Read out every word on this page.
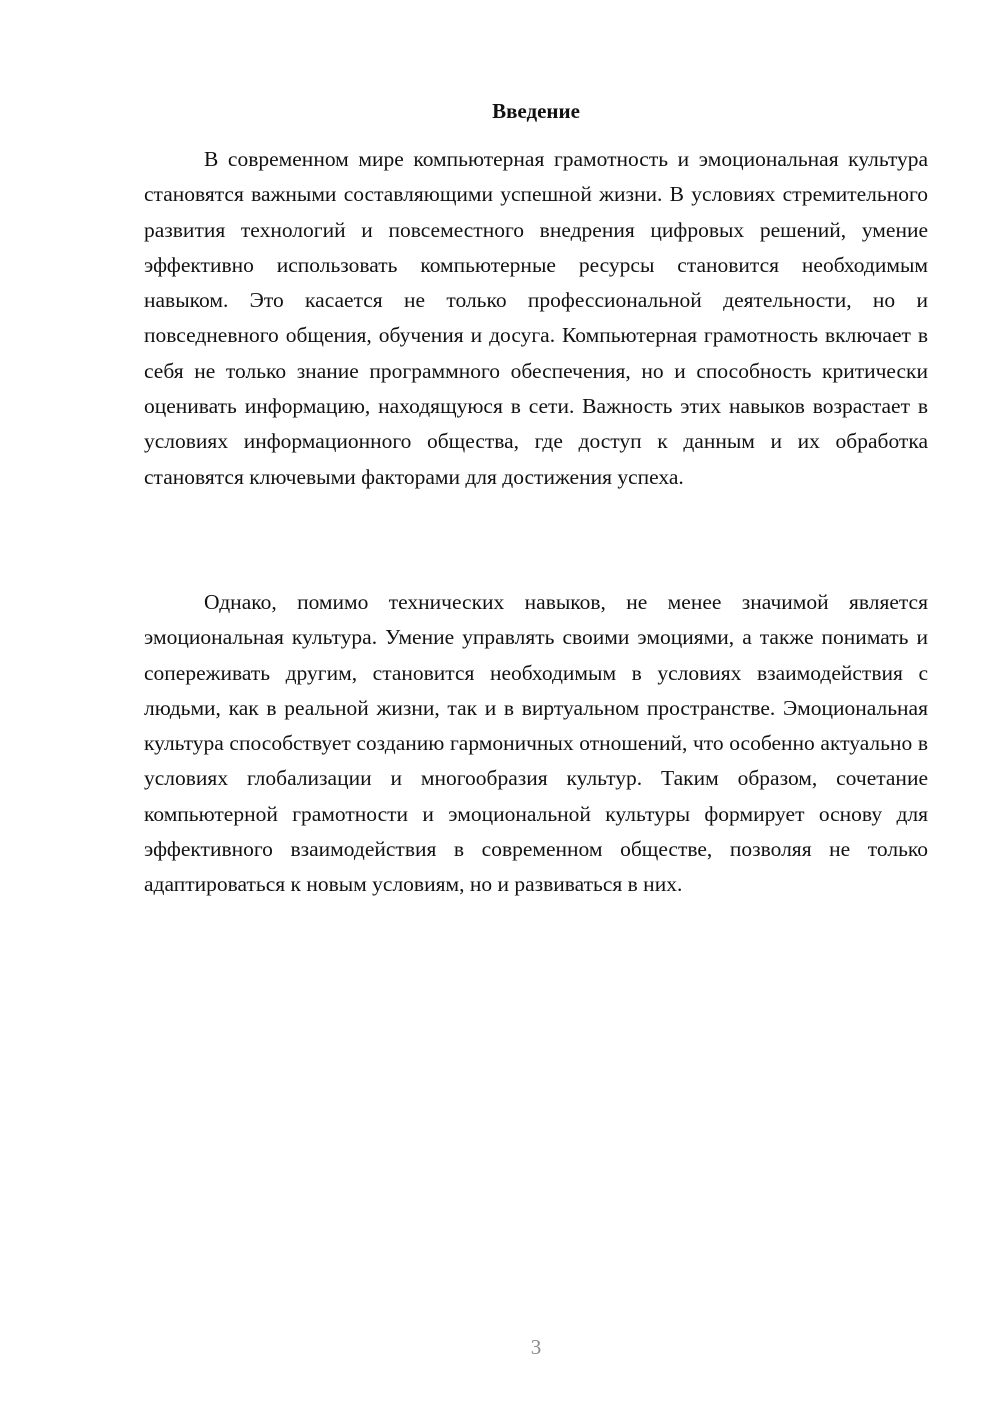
Введение

В современном мире компьютерная грамотность и эмоциональная культура становятся важными составляющими успешной жизни. В условиях стремительного развития технологий и повсеместного внедрения цифровых решений, умение эффективно использовать компьютерные ресурсы становится необходимым навыком. Это касается не только профессиональной деятельности, но и повседневного общения, обучения и досуга. Компьютерная грамотность включает в себя не только знание программного обеспечения, но и способность критически оценивать информацию, находящуюся в сети. Важность этих навыков возрастает в условиях информационного общества, где доступ к данным и их обработка становятся ключевыми факторами для достижения успеха.

Однако, помимо технических навыков, не менее значимой является эмоциональная культура. Умение управлять своими эмоциями, а также понимать и сопереживать другим, становится необходимым в условиях взаимодействия с людьми, как в реальной жизни, так и в виртуальном пространстве. Эмоциональная культура способствует созданию гармоничных отношений, что особенно актуально в условиях глобализации и многообразия культур. Таким образом, сочетание компьютерной грамотности и эмоциональной культуры формирует основу для эффективного взаимодействия в современном обществе, позволяя не только адаптироваться к новым условиям, но и развиваться в них.

3
